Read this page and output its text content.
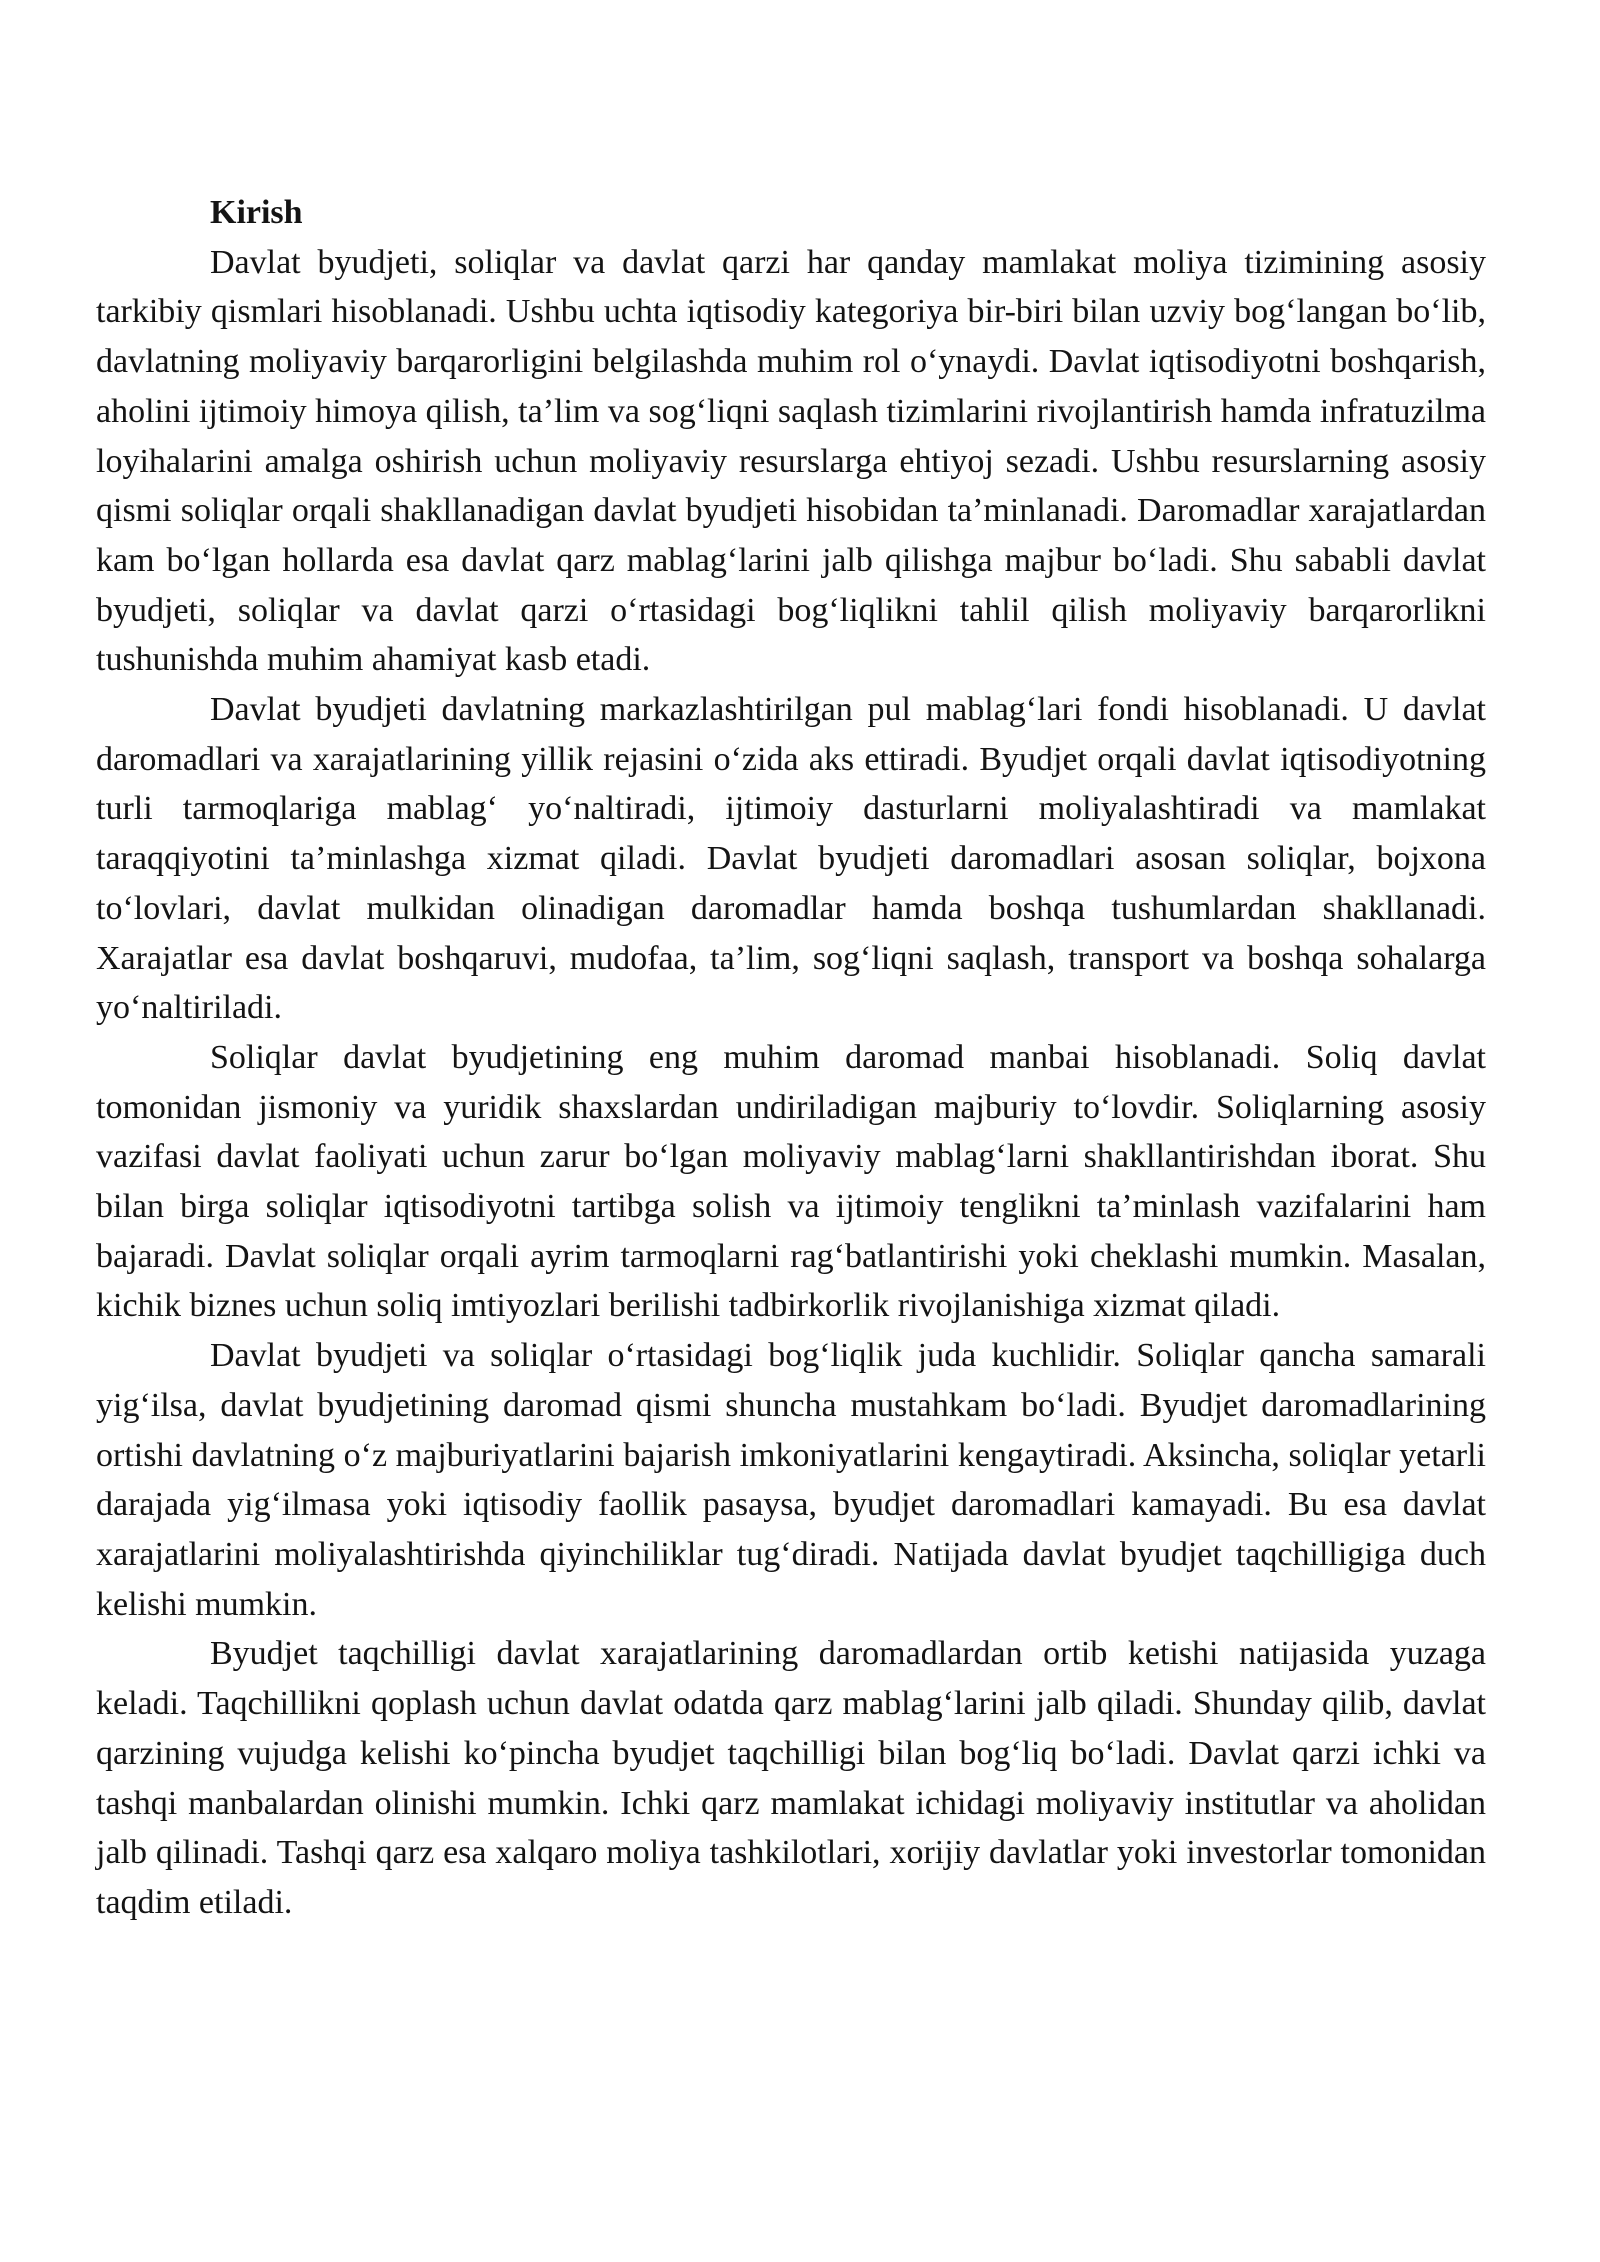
Kirish

Davlat byudjeti, soliqlar va davlat qarzi har qanday mamlakat moliya tizimining asosiy tarkibiy qismlari hisoblanadi. Ushbu uchta iqtisodiy kategoriya bir-biri bilan uzviy bog‘langan bo‘lib, davlatning moliyaviy barqarorligini belgilashda muhim rol o‘ynaydi. Davlat iqtisodiyotni boshqarish, aholini ijtimoiy himoya qilish, ta’lim va sog‘liqni saqlash tizimlarini rivojlantirish hamda infratuzilma loyihalarini amalga oshirish uchun moliyaviy resurslarga ehtiyoj sezadi. Ushbu resurslarning asosiy qismi soliqlar orqali shakllanadigan davlat byudjeti hisobidan ta’minlanadi. Daromadlar xarajatlardan kam bo‘lgan hollarda esa davlat qarz mablag‘larini jalb qilishga majbur bo‘ladi. Shu sababli davlat byudjeti, soliqlar va davlat qarzi o‘rtasidagi bog‘liqlikni tahlil qilish moliyaviy barqarorlikni tushunishda muhim ahamiyat kasb etadi.

Davlat byudjeti davlatning markazlashtirilgan pul mablag‘lari fondi hisoblanadi. U davlat daromadlari va xarajatlarining yillik rejasini o‘zida aks ettiradi. Byudjet orqali davlat iqtisodiyotning turli tarmoqlariga mablag‘ yo‘naltiradi, ijtimoiy dasturlarni moliyalashtiradi va mamlakat taraqqiyotini ta’minlashga xizmat qiladi. Davlat byudjeti daromadlari asosan soliqlar, bojxona to‘lovlari, davlat mulkidan olinadigan daromadlar hamda boshqa tushumlardan shakllanadi. Xarajatlar esa davlat boshqaruvi, mudofaa, ta’lim, sog‘liqni saqlash, transport va boshqa sohalarga yo‘naltiriladi.

Soliqlar davlat byudjetining eng muhim daromad manbai hisoblanadi. Soliq davlat tomonidan jismoniy va yuridik shaxslardan undiriladigan majburiy to‘lovdir. Soliqlarning asosiy vazifasi davlat faoliyati uchun zarur bo‘lgan moliyaviy mablag‘larni shakllantirishdan iborat. Shu bilan birga soliqlar iqtisodiyotni tartibga solish va ijtimoiy tenglikni ta’minlash vazifalarini ham bajaradi. Davlat soliqlar orqali ayrim tarmoqlarni rag‘batlantirishi yoki cheklashi mumkin. Masalan, kichik biznes uchun soliq imtiyozlari berilishi tadbirkorlik rivojlanishiga xizmat qiladi.

Davlat byudjeti va soliqlar o‘rtasidagi bog‘liqlik juda kuchlidir. Soliqlar qancha samarali yig‘ilsa, davlat byudjetining daromad qismi shuncha mustahkam bo‘ladi. Byudjet daromadlarining ortishi davlatning o‘z majburiyatlarini bajarish imkoniyatlarini kengaytiradi. Aksincha, soliqlar yetarli darajada yig‘ilmasa yoki iqtisodiy faollik pasaysa, byudjet daromadlari kamayadi. Bu esa davlat xarajatlarini moliyalashtirishda qiyinchiliklar tug‘diradi. Natijada davlat byudjet taqchilligiga duch kelishi mumkin.

Byudjet taqchilligi davlat xarajatlarining daromadlardan ortib ketishi natijasida yuzaga keladi. Taqchillikni qoplash uchun davlat odatda qarz mablag‘larini jalb qiladi. Shunday qilib, davlat qarzining vujudga kelishi ko‘pincha byudjet taqchilligi bilan bog‘liq bo‘ladi. Davlat qarzi ichki va tashqi manbalardan olinishi mumkin. Ichki qarz mamlakat ichidagi moliyaviy institutlar va aholidan jalb qilinadi. Tashqi qarz esa xalqaro moliya tashkilotlari, xorijiy davlatlar yoki investorlar tomonidan taqdim etiladi.
